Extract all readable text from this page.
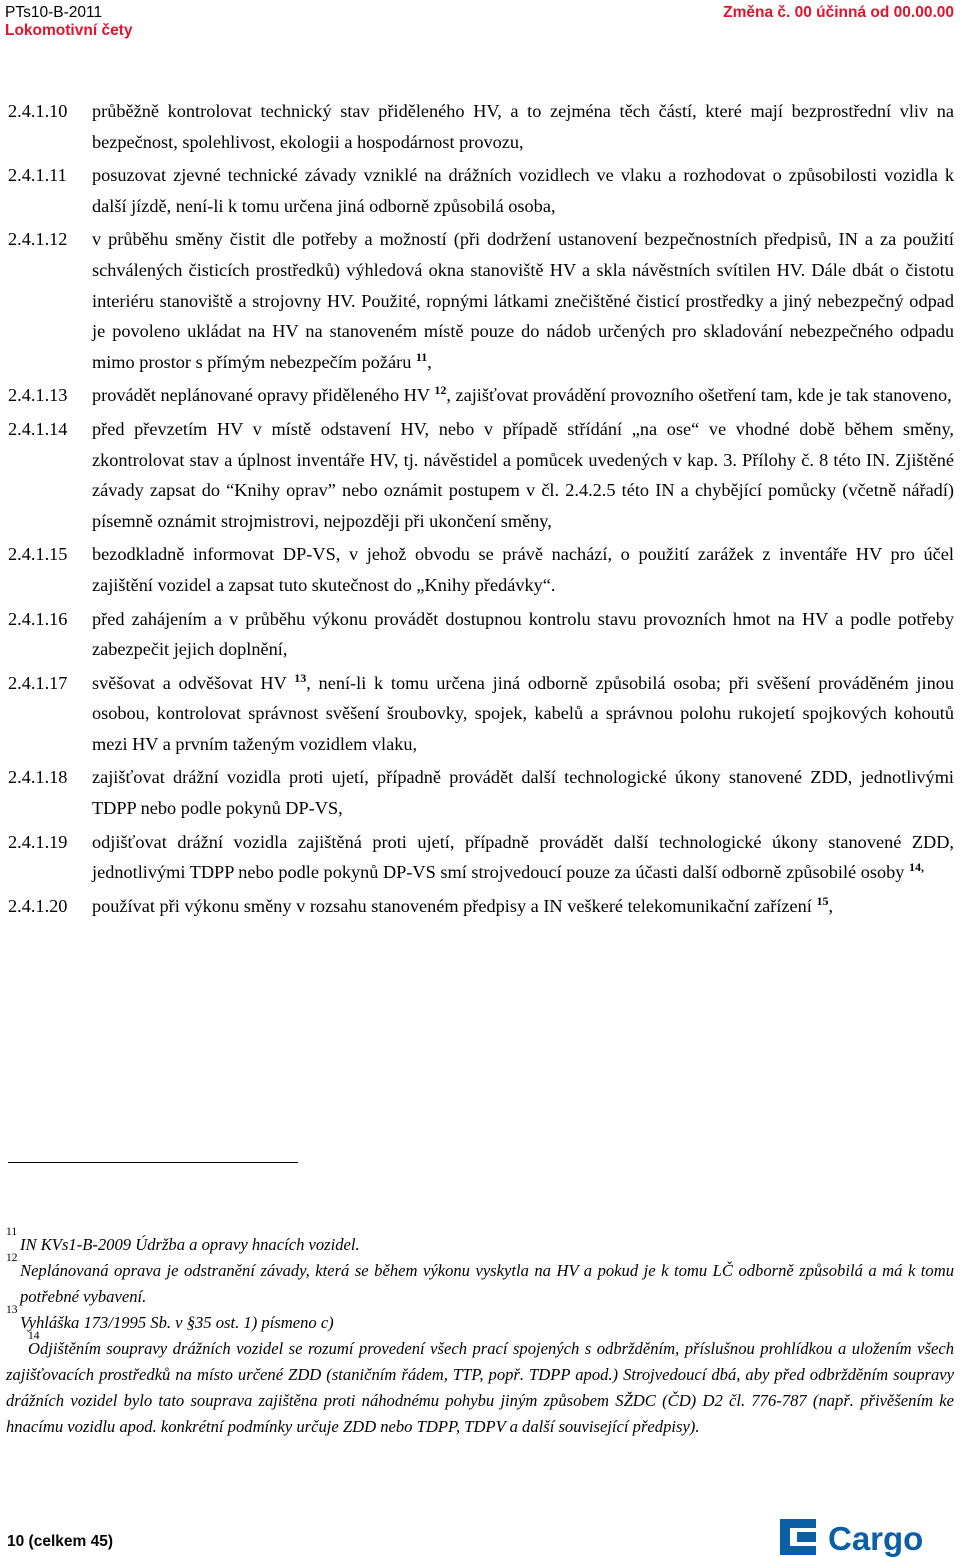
PTs10-B-2011	Změna č. 00 účinná od 00.00.00
Lokomotivní čety
2.4.1.10 průběžně kontrolovat technický stav přiděleného HV, a to zejména těch částí, které mají bezprostřední vliv na bezpečnost, spolehlivost, ekologii a hospodárnost provozu,
2.4.1.11 posuzovat zjevné technické závady vzniklé na drážních vozidlech ve vlaku a rozhodovat o způsobilosti vozidla k další jízdě, není-li k tomu určena jiná odborně způsobilá osoba,
2.4.1.12 v průběhu směny čistit dle potřeby a možností (při dodržení ustanovení bezpečnostních předpisů, IN a za použití schválených čisticích prostředků) výhledová okna stanoviště HV a skla návěstních svítilen HV. Dále dbát o čistotu interiéru stanoviště a strojovny HV. Použité, ropnými látkami znečištěné čisticí prostředky a jiný nebezpečný odpad je povoleno ukládat na HV na stanoveném místě pouze do nádob určených pro skladování nebezpečného odpadu mimo prostor s přímým nebezpečím požáru $^{11}$,
2.4.1.13 provádět neplánované opravy přiděleného HV $^{12}$, zajišťovat provádění provozního ošetření tam, kde je tak stanoveno,
2.4.1.14 před převzetím HV v místě odstavení HV, nebo v případě střídání „na ose“ ve vhodné době během směny, zkontrolovat stav a úplnost inventáře HV, tj. návěstidel a pomůcek uvedených v kap. 3. Přílohy č. 8 této IN. Zjištěné závady zapsat do “Knihy oprav” nebo oznámit postupem v čl. 2.4.2.5 této IN a chybějící pomůcky (včetně nářadí) písemně oznámit strojmistrovi, nejpozději při ukončení směny,
2.4.1.15 bezodkladně informovat DP-VS, v jehož obvodu se právě nachází, o použití zarážek z inventáře HV pro účel zajištění vozidel a zapsat tuto skutečnost do „Knihy předávky“.
2.4.1.16 před zahájením a v průběhu výkonu provádět dostupnou kontrolu stavu provozních hmot na HV a podle potřeby zabezpečit jejich doplnění,
2.4.1.17 svěšovat a odvěšovat HV $^{13}$, není-li k tomu určena jiná odborně způsobilá osoba; při svěšení prováděném jinou osobou, kontrolovat správnost svěšení šroubovky, spojek, kabelů a správnou polohu rukojetí spojkových kohoutů mezi HV a prvním taženým vozidlem vlaku,
2.4.1.18 zajišťovat drážní vozidla proti ujetí, případně provádět další technologické úkony stanovené ZDD, jednotlivými TDPP nebo podle pokynů DP-VS,
2.4.1.19 odjišťovat drážní vozidla zajištěná proti ujetí, případně provádět další technologické úkony stanovené ZDD, jednotlivými TDPP nebo podle pokynů DP-VS smí strojvedoucí pouze za účasti další odborně způsobilé osoby $^{14,}$
2.4.1.20 používat při výkonu směny v rozsahu stanoveném předpisy a IN veškeré telekomunikační zařízení $^{15}$,
11
IN KVs1-B-2009 Údržba a opravy hnacích vozidel.
12
Neplánovaná oprava je odstranění závady, která se během výkonu vyskytla na HV a pokud je k tomu LČ odborně způsobilá a má k tomu potřebné vybavení.
13
Vyhláška 173/1995 Sb. v §35 ost. 1) písmeno c)
14
Odjištěním soupravy drážních vozidel se rozumí provedení všech prací spojených s odbržděním, příslušnou prohlídkou a uložením všech zajišťovacích prostředků na místo určené ZDD (staničním řádem, TTP, popř. TDPP apod.) Strojvedoucí dbá, aby před odbržděním soupravy drážních vozidel bylo tato souprava zajištěna proti náhodnému pohybu jiným způsobem SŽDC (ČD) D2 čl. 776-787 (např. přivěšením ke hnacímu vozidlu apod. konkrétní podmínky určuje ZDD nebo TDPP, TDPV a další související předpisy).
10 (celkem 45)	Cargo
